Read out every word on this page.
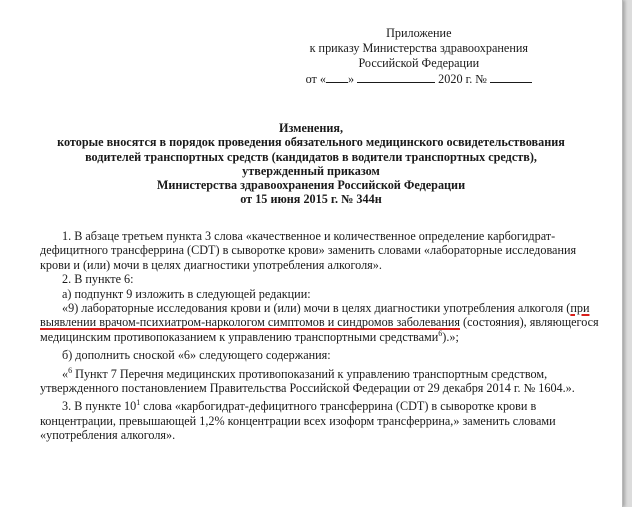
Приложение
к приказу Министерства здравоохранения
Российской Федерации
от « »	2020 г. №
Изменения,
которые вносятся в порядок проведения обязательного медицинского освидетельствования
водителей транспортных средств (кандидатов в водители транспортных средств),
утвержденный приказом
Министерства здравоохранения Российской Федерации
от 15 июня 2015 г. № 344н

1. В абзаце третьем пункта 3 слова «качественное и количественное определение карбогидрат-дефицитного трансферрина (CDT) в сыворотке крови» заменить словами «лабораторные исследования крови и (или) мочи в целях диагностики употребления алкоголя».

2. В пункте 6:

а) подпункт 9 изложить в следующей редакции:

«9) лабораторные исследования крови и (или) мочи в целях диагностики употребления алкоголя (при выявлении врачом-психиатром-наркологом симптомов и синдромов заболевания (состояния), являющегося медицинским противопоказанием к управлению транспортными средствами$^6$).»;

б) дополнить сноской «6» следующего содержания:

«$^6$ Пункт 7 Перечня медицинских противопоказаний к управлению транспортным средством, утвержденного постановлением Правительства Российской Федерации от 29 декабря 2014 г. № 1604.».

3. В пункте $10^1$ слова «карбогидрат-дефицитного трансферрина (CDT) в сыворотке крови в концентрации, превышающей 1,2% концентрации всех изоформ трансферрина,» заменить словами «употребления алкоголя».
